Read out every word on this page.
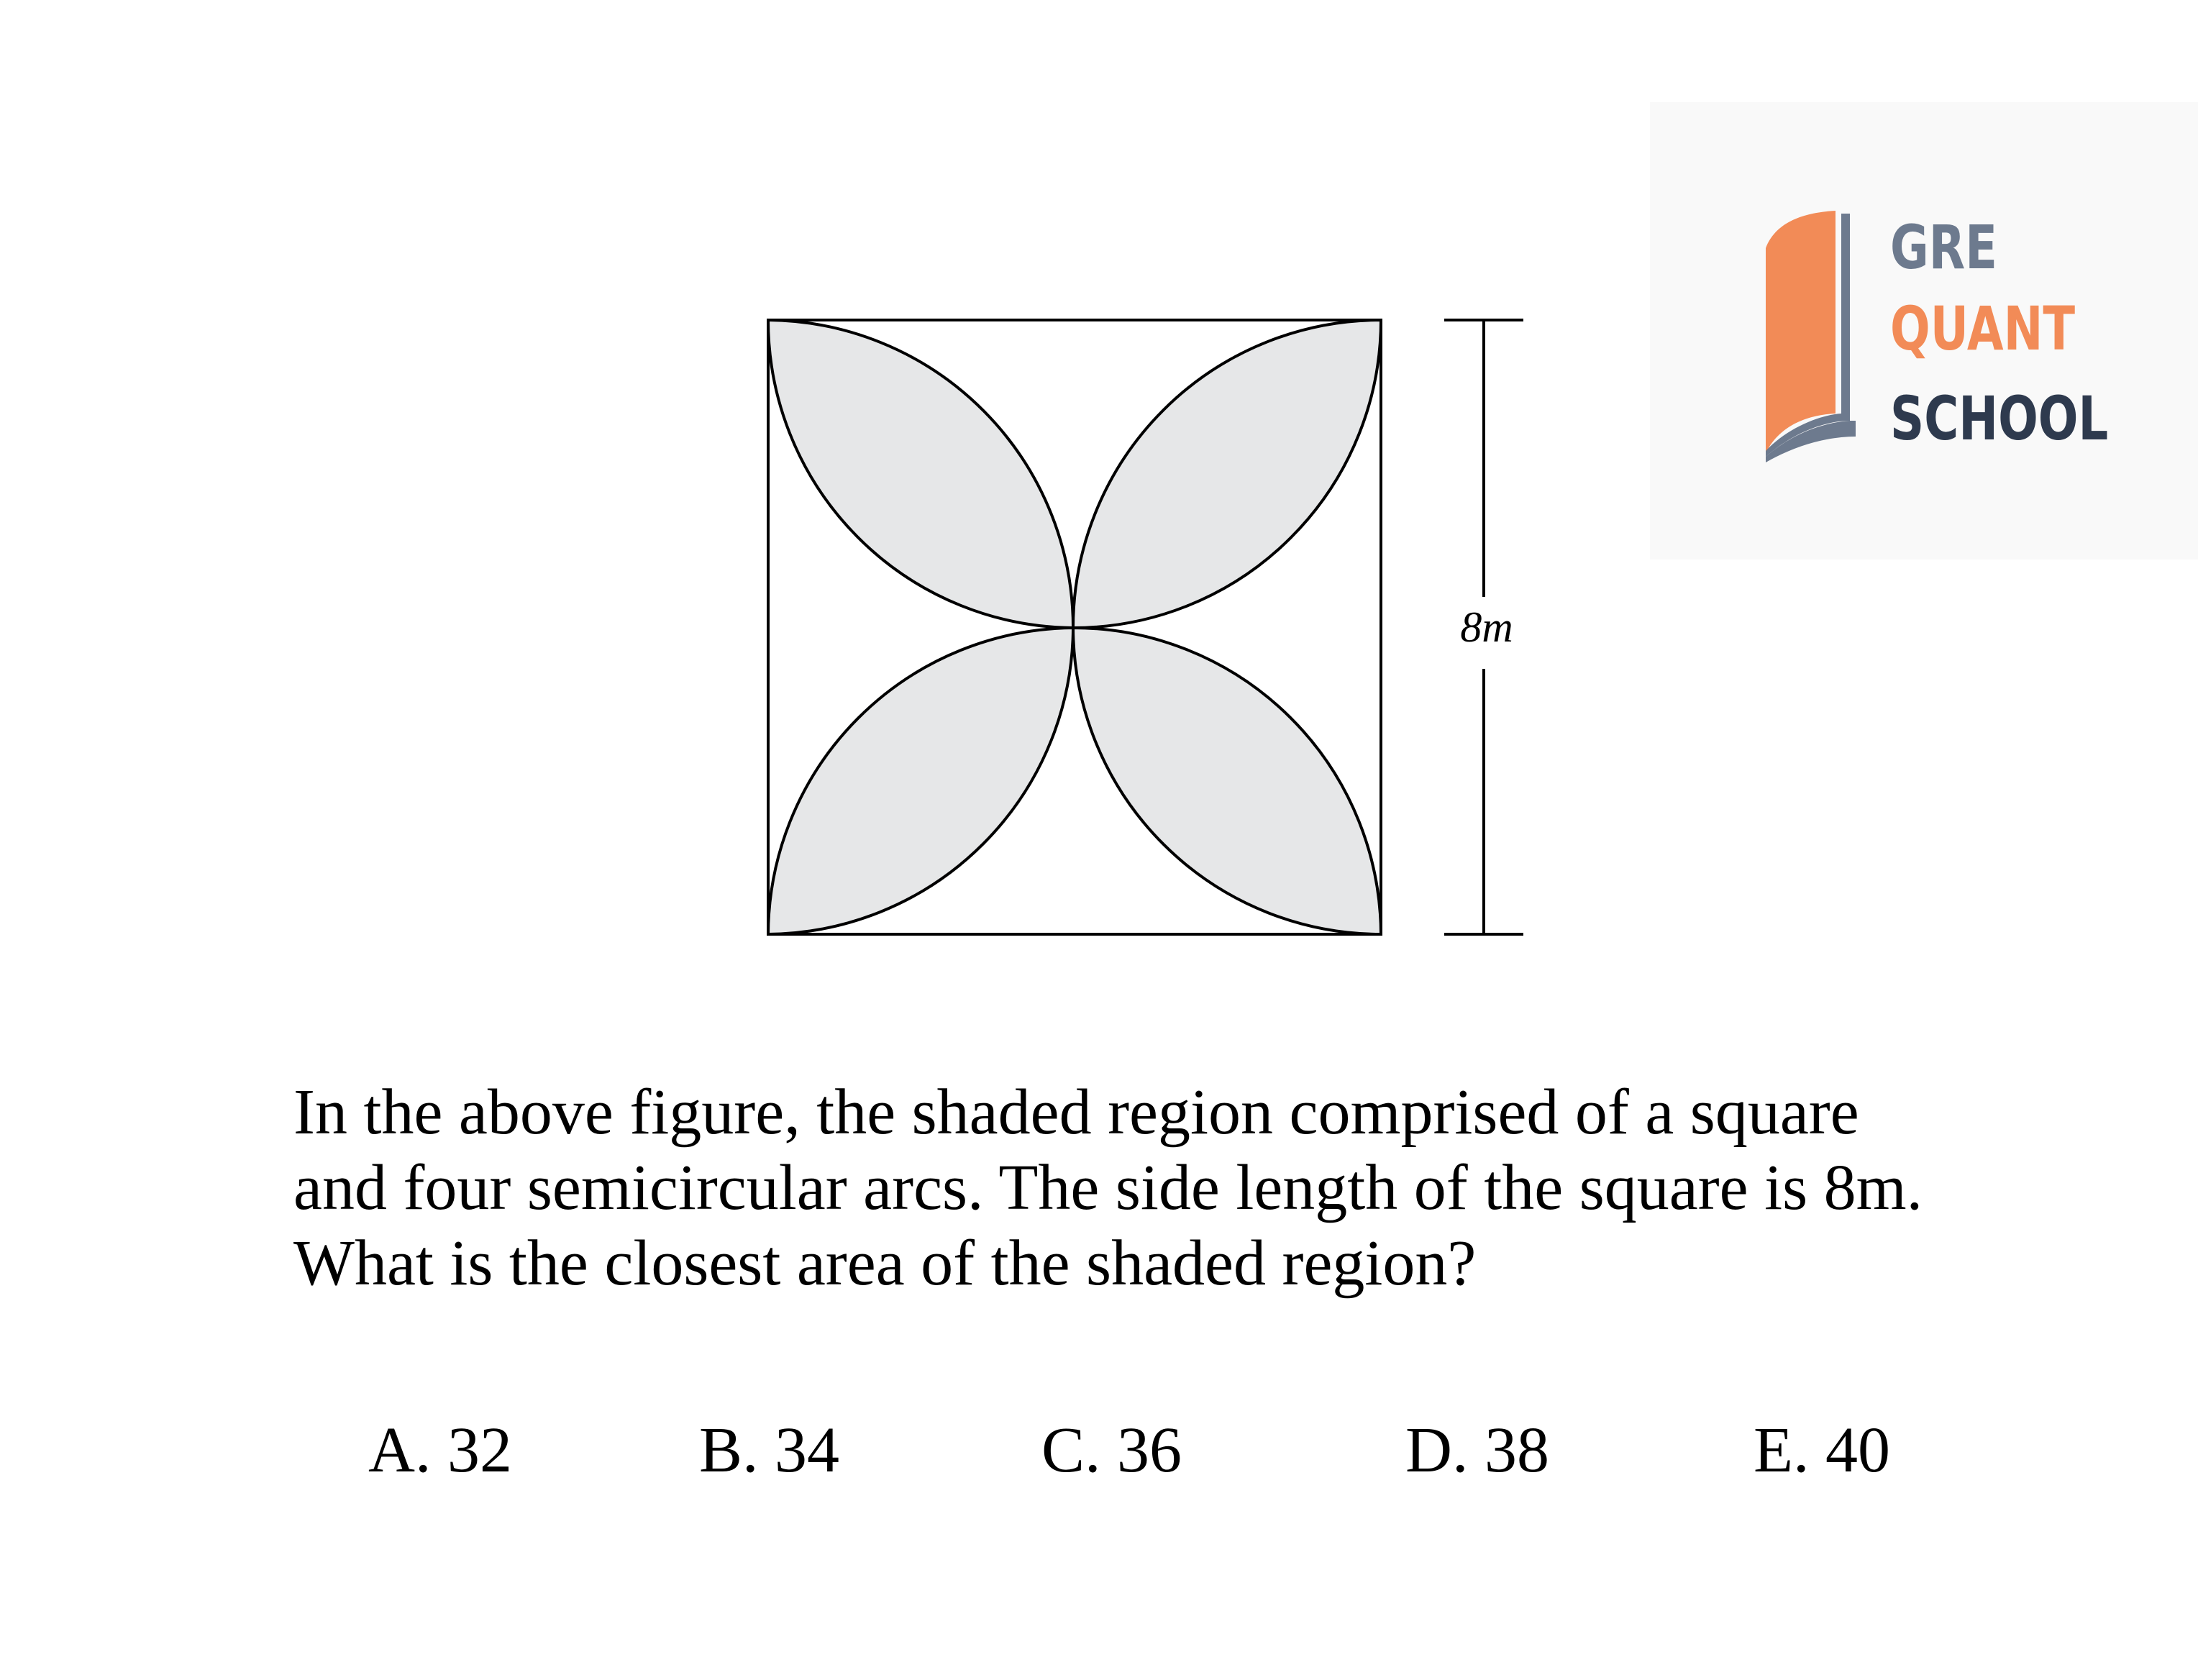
GRE
QUANT
SCHOOL
8m

In the above figure, the shaded region comprised of a square
and four semicircular arcs. The side length of the square is 8m.
What is the closest area of the shaded region?

A. 32	B. 34	C. 36	D. 38	E. 40
